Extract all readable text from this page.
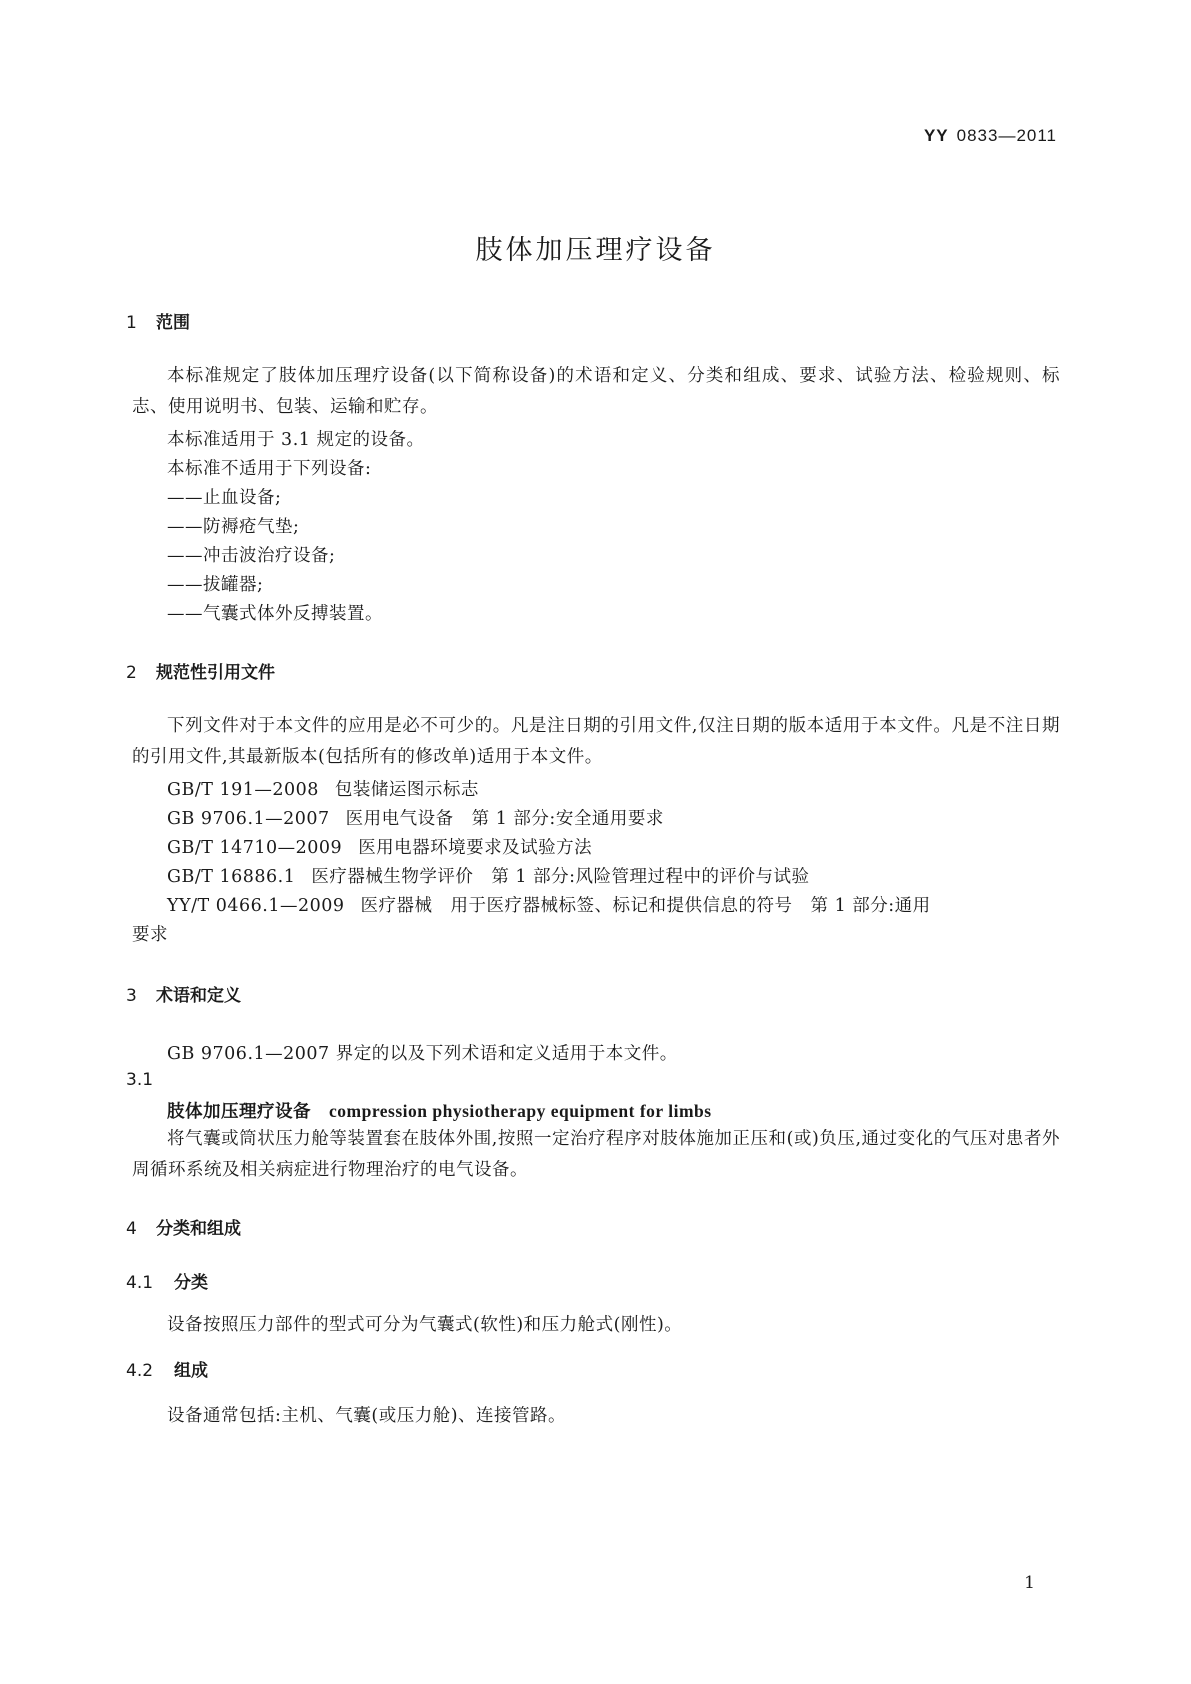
YY 0833—2011
肢体加压理疗设备
1 范围
本标准规定了肢体加压理疗设备(以下简称设备)的术语和定义、分类和组成、要求、试验方法、检验规则、标志、使用说明书、包装、运输和贮存。
本标准适用于 3.1 规定的设备。
本标准不适用于下列设备:
——止血设备;
——防褥疮气垫;
——冲击波治疗设备;
——拔罐器;
——气囊式体外反搏装置。
2 规范性引用文件
下列文件对于本文件的应用是必不可少的。凡是注日期的引用文件,仅注日期的版本适用于本文件。凡是不注日期的引用文件,其最新版本(包括所有的修改单)适用于本文件。
GB/T 191—2008 包装储运图示标志
GB 9706.1—2007 医用电气设备　第 1 部分:安全通用要求
GB/T 14710—2009 医用电器环境要求及试验方法
GB/T 16886.1 医疗器械生物学评价　第 1 部分:风险管理过程中的评价与试验
YY/T 0466.1—2009 医疗器械　用于医疗器械标签、标记和提供信息的符号　第 1 部分:通用
要求
3 术语和定义
GB 9706.1—2007 界定的以及下列术语和定义适用于本文件。
3.1
肢体加压理疗设备 compression physiotherapy equipment for limbs
将气囊或筒状压力舱等装置套在肢体外围,按照一定治疗程序对肢体施加正压和(或)负压,通过变化的气压对患者外周循环系统及相关病症进行物理治疗的电气设备。
4 分类和组成
4.1 分类
设备按照压力部件的型式可分为气囊式(软性)和压力舱式(刚性)。
4.2 组成
设备通常包括:主机、气囊(或压力舱)、连接管路。
1
